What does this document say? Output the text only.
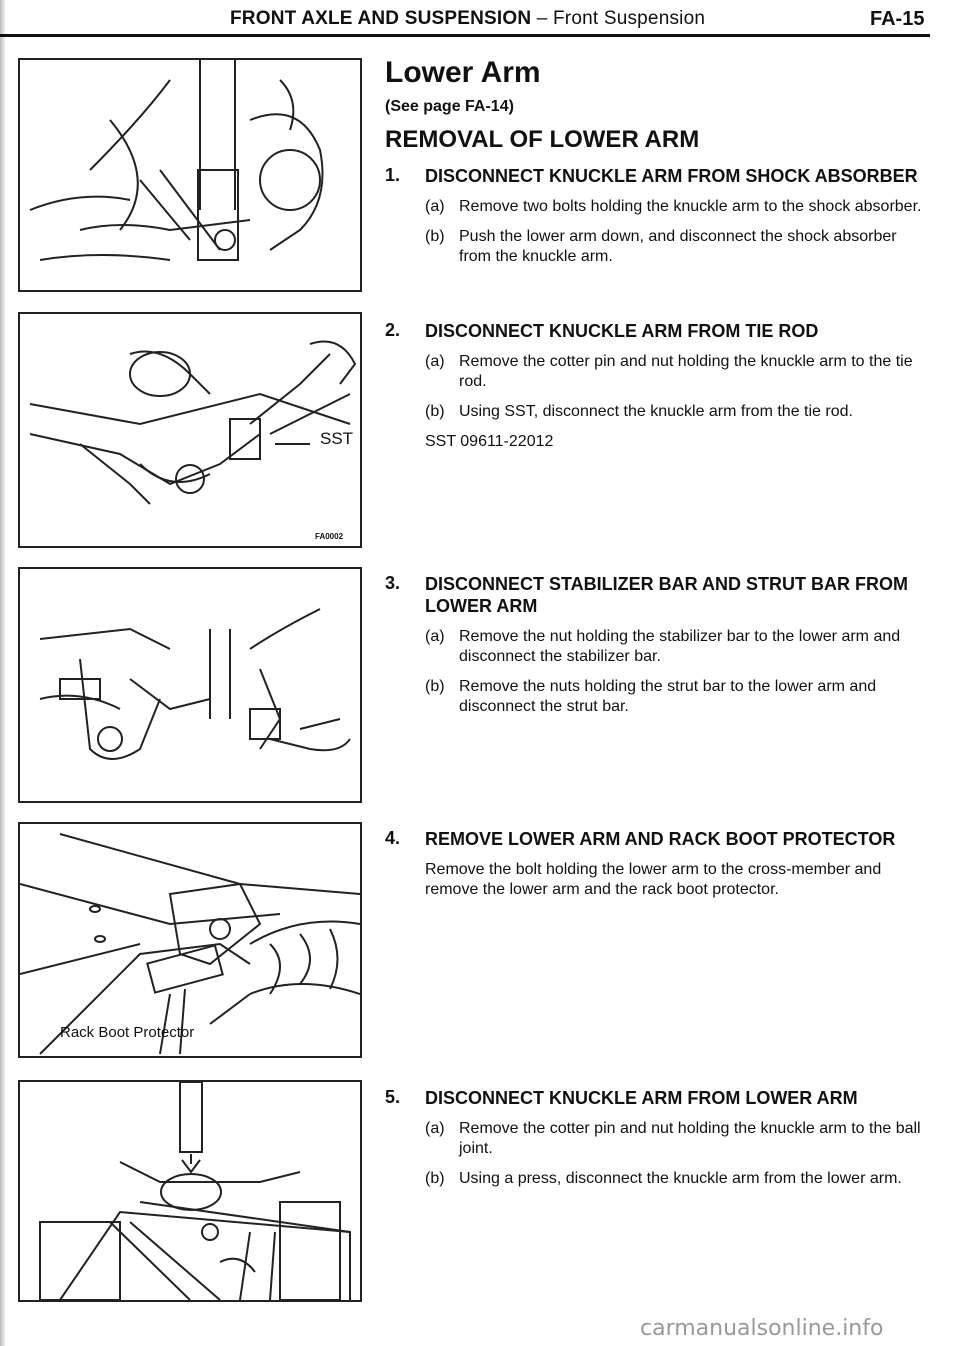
FRONT AXLE AND SUSPENSION – Front Suspension	FA-15
SST
FA0002
Rack Boot Protector
Lower Arm
(See page FA-14)
REMOVAL OF LOWER ARM
1. DISCONNECT KNUCKLE ARM FROM SHOCK ABSORBER
(a) Remove two bolts holding the knuckle arm to the shock absorber.
(b) Push the lower arm down, and disconnect the shock absorber from the knuckle arm.
2. DISCONNECT KNUCKLE ARM FROM TIE ROD
(a) Remove the cotter pin and nut holding the knuckle arm to the tie rod.
(b) Using SST, disconnect the knuckle arm from the tie rod.
SST 09611-22012
3. DISCONNECT STABILIZER BAR AND STRUT BAR FROM LOWER ARM
(a) Remove the nut holding the stabilizer bar to the lower arm and disconnect the stabilizer bar.
(b) Remove the nuts holding the strut bar to the lower arm and disconnect the strut bar.
4. REMOVE LOWER ARM AND RACK BOOT PROTECTOR
Remove the bolt holding the lower arm to the cross-member and remove the lower arm and the rack boot protector.
5. DISCONNECT KNUCKLE ARM FROM LOWER ARM
(a) Remove the cotter pin and nut holding the knuckle arm to the ball joint.
(b) Using a press, disconnect the knuckle arm from the lower arm.
carmanualsonline.info
